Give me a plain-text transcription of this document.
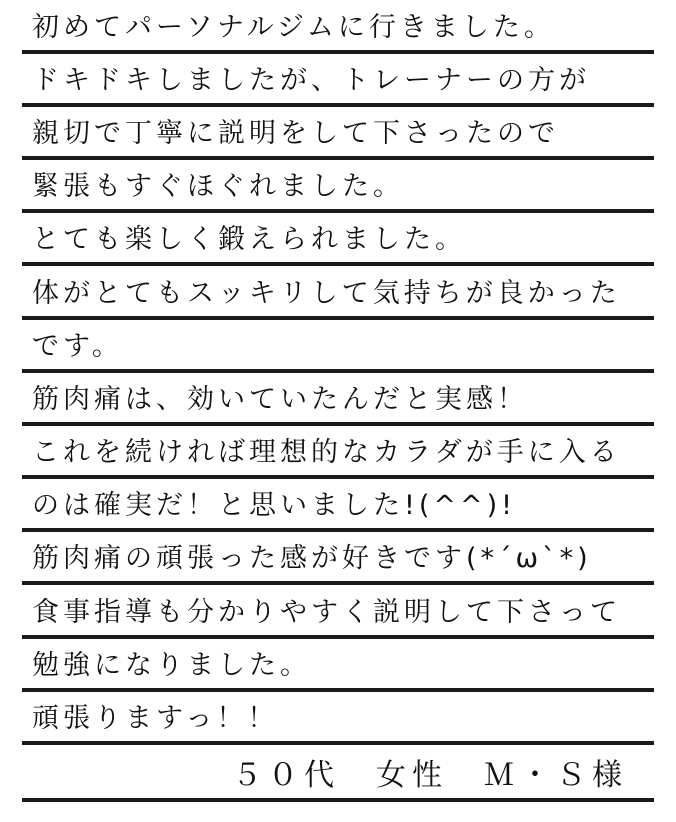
初めてパーソナルジムに行きました。
ドキドキしましたが、トレーナーの方が
親切で丁寧に説明をして下さったので
緊張もすぐほぐれました。
とても楽しく鍛えられました。
体がとてもスッキリして気持ちが良かった
です。
筋肉痛は、効いていたんだと実感！
これを続ければ理想的なカラダが手に入る
のは確実だ！と思いました!(^^)!
筋肉痛の頑張った感が好きです(*´ω`*)
食事指導も分かりやすく説明して下さって
勉強になりました。
頑張りますっ！！
５０代　女性　Ｍ・Ｓ様
